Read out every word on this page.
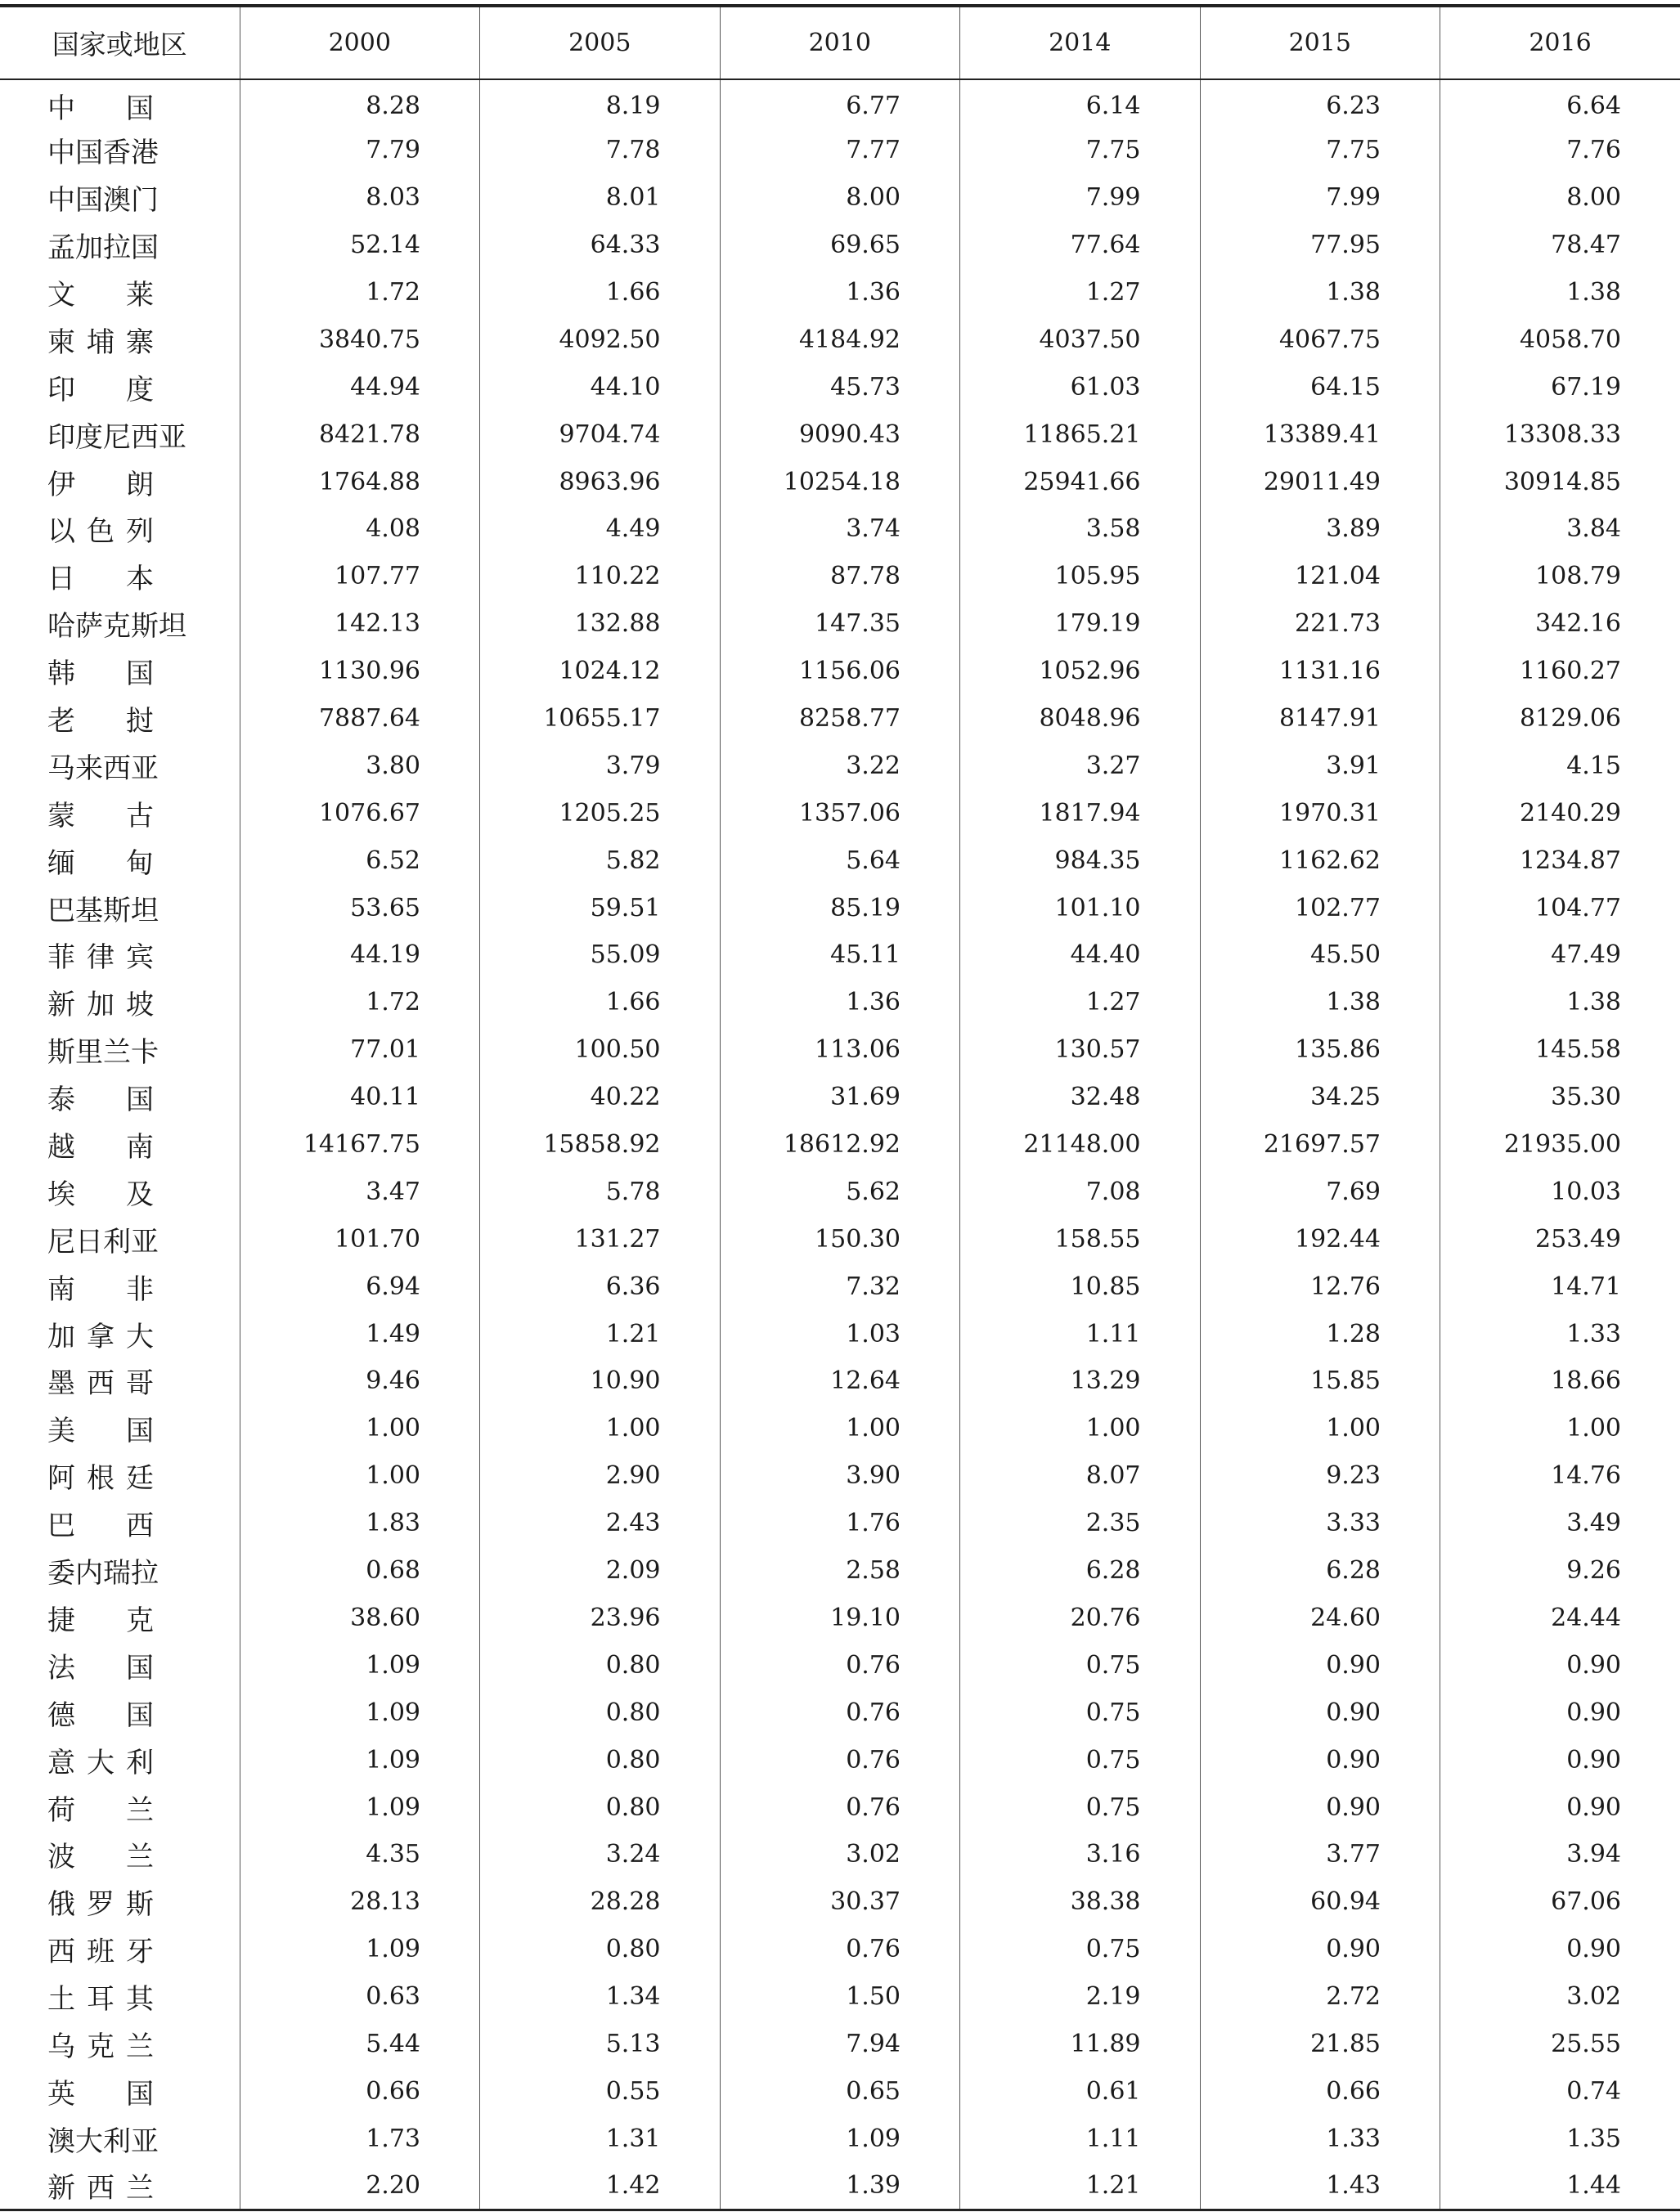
国家或地区	2000	2005	2010	2014	2015	2016
中 国	8.28	8.19	6.77	6.14	6.23	6.64
中国香港	7.79	7.78	7.77	7.75	7.75	7.76
中国澳门	8.03	8.01	8.00	7.99	7.99	8.00
孟加拉国	52.14	64.33	69.65	77.64	77.95	78.47
文 莱	1.72	1.66	1.36	1.27	1.38	1.38
柬 埔 寨	3840.75	4092.50	4184.92	4037.50	4067.75	4058.70
印 度	44.94	44.10	45.73	61.03	64.15	67.19
印度尼西亚	8421.78	9704.74	9090.43	11865.21	13389.41	13308.33
伊 朗	1764.88	8963.96	10254.18	25941.66	29011.49	30914.85
以 色 列	4.08	4.49	3.74	3.58	3.89	3.84
日 本	107.77	110.22	87.78	105.95	121.04	108.79
哈萨克斯坦	142.13	132.88	147.35	179.19	221.73	342.16
韩 国	1130.96	1024.12	1156.06	1052.96	1131.16	1160.27
老 挝	7887.64	10655.17	8258.77	8048.96	8147.91	8129.06
马来西亚	3.80	3.79	3.22	3.27	3.91	4.15
蒙 古	1076.67	1205.25	1357.06	1817.94	1970.31	2140.29
缅 甸	6.52	5.82	5.64	984.35	1162.62	1234.87
巴基斯坦	53.65	59.51	85.19	101.10	102.77	104.77
菲 律 宾	44.19	55.09	45.11	44.40	45.50	47.49
新 加 坡	1.72	1.66	1.36	1.27	1.38	1.38
斯里兰卡	77.01	100.50	113.06	130.57	135.86	145.58
泰 国	40.11	40.22	31.69	32.48	34.25	35.30
越 南	14167.75	15858.92	18612.92	21148.00	21697.57	21935.00
埃 及	3.47	5.78	5.62	7.08	7.69	10.03
尼日利亚	101.70	131.27	150.30	158.55	192.44	253.49
南 非	6.94	6.36	7.32	10.85	12.76	14.71
加 拿 大	1.49	1.21	1.03	1.11	1.28	1.33
墨 西 哥	9.46	10.90	12.64	13.29	15.85	18.66
美 国	1.00	1.00	1.00	1.00	1.00	1.00
阿 根 廷	1.00	2.90	3.90	8.07	9.23	14.76
巴 西	1.83	2.43	1.76	2.35	3.33	3.49
委内瑞拉	0.68	2.09	2.58	6.28	6.28	9.26
捷 克	38.60	23.96	19.10	20.76	24.60	24.44
法 国	1.09	0.80	0.76	0.75	0.90	0.90
德 国	1.09	0.80	0.76	0.75	0.90	0.90
意 大 利	1.09	0.80	0.76	0.75	0.90	0.90
荷 兰	1.09	0.80	0.76	0.75	0.90	0.90
波 兰	4.35	3.24	3.02	3.16	3.77	3.94
俄 罗 斯	28.13	28.28	30.37	38.38	60.94	67.06
西 班 牙	1.09	0.80	0.76	0.75	0.90	0.90
土 耳 其	0.63	1.34	1.50	2.19	2.72	3.02
乌 克 兰	5.44	5.13	7.94	11.89	21.85	25.55
英 国	0.66	0.55	0.65	0.61	0.66	0.74
澳大利亚	1.73	1.31	1.09	1.11	1.33	1.35
新 西 兰	2.20	1.42	1.39	1.21	1.43	1.44
